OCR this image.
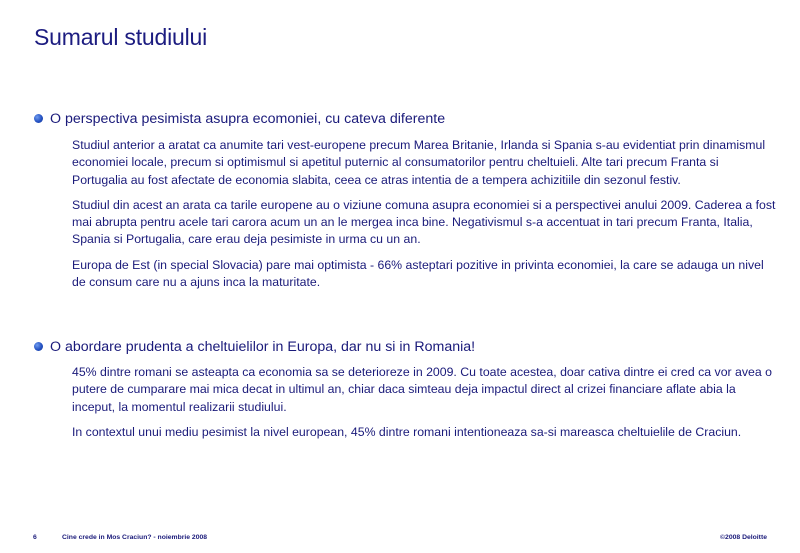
Sumarul studiului
O perspectiva pesimista asupra ecomoniei, cu cateva diferente

Studiul anterior a aratat ca anumite tari vest-europene precum Marea Britanie, Irlanda si Spania s-au evidentiat prin dinamismul economiei locale, precum si optimismul si apetitul puternic al consumatorilor pentru cheltuieli. Alte tari precum Franta si Portugalia au fost afectate de economia slabita, ceea ce atras intentia de a tempera achizitiile din sezonul festiv.

Studiul din acest an arata ca tarile europene au o viziune comuna asupra economiei si a perspectivei anului 2009. Caderea a fost mai abrupta pentru acele tari carora acum un an le mergea inca bine. Negativismul s-a accentuat in tari precum Franta, Italia, Spania si Portugalia, care erau deja pesimiste in urma cu un an.

Europa de Est (in special Slovacia) pare mai optimista - 66% asteptari pozitive in privinta economiei, la care se adauga un nivel de consum care nu a ajuns inca la maturitate.

O abordare prudenta a cheltuielilor in Europa, dar nu si in Romania!

45% dintre romani se asteapta ca economia sa se deterioreze in 2009. Cu toate acestea, doar cativa dintre ei cred ca vor avea o putere de cumparare mai mica decat in ultimul an, chiar daca simteau deja impactul direct al crizei financiare aflate abia la inceput, la momentul realizarii studiului.

In contextul unui mediu pesimist la nivel european, 45% dintre romani intentioneaza sa-si mareasca cheltuielile de Craciun.

6	Cine crede in Mos Craciun? - noiembrie 2008	©2008 Deloitte
